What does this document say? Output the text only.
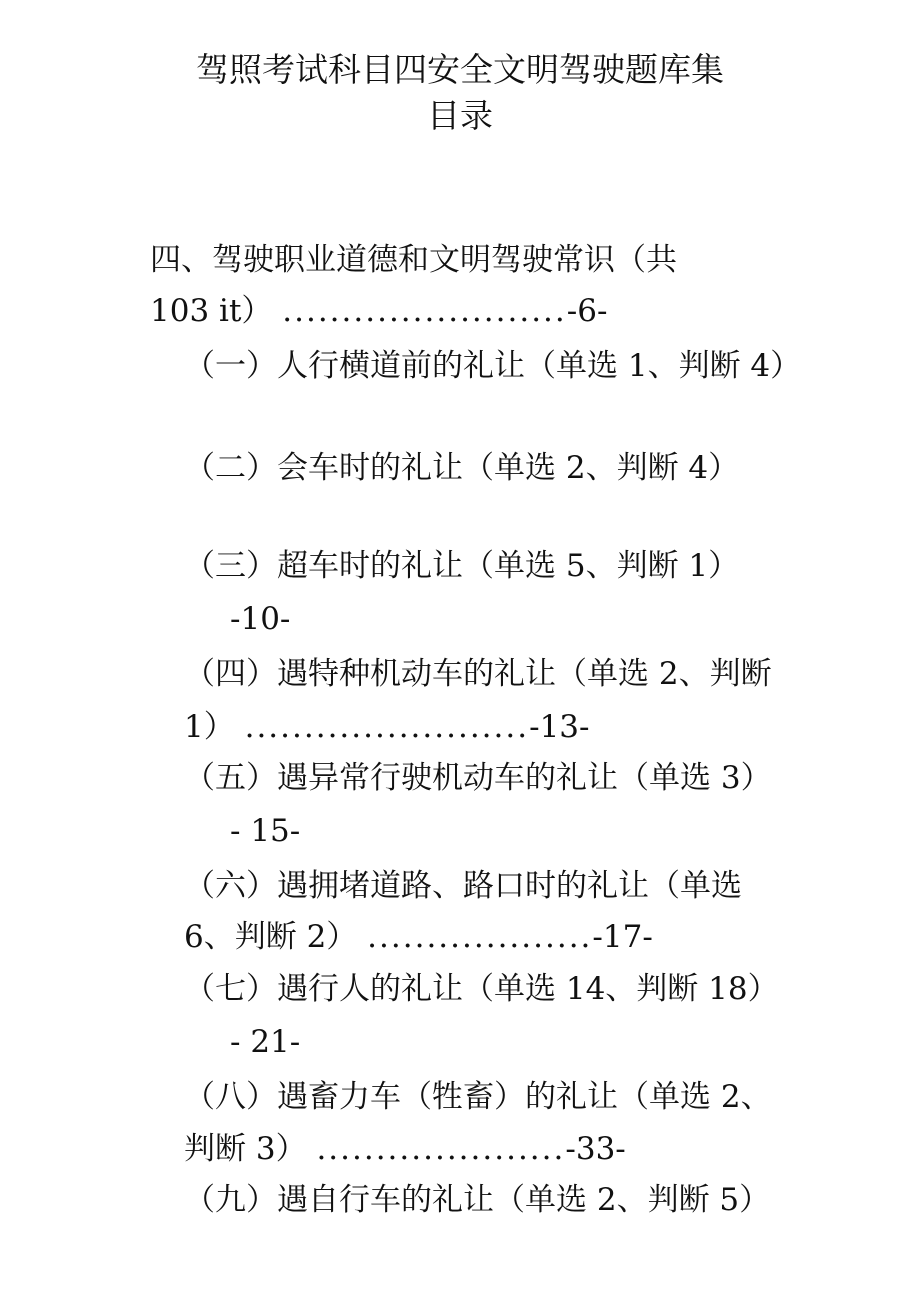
驾照考试科目四安全文明驾驶题库集
目录
四、驾驶职业道德和文明驾驶常识（共
103 it） ........................-6-
（一）人行横道前的礼让（单选 1、判断 4）
（二）会车时的礼让（单选 2、判断 4）
（三）超车时的礼让（单选 5、判断 1）
-10-
（四）遇特种机动车的礼让（单选 2、判断
1） ........................-13-
（五）遇异常行驶机动车的礼让（单选 3）
- 15-
（六）遇拥堵道路、路口时的礼让（单选
6、判断 2） ...................-17-
（七）遇行人的礼让（单选 14、判断 18）
- 21-
（八）遇畜力车（牲畜）的礼让（单选 2、
判断 3） .....................-33-
（九）遇自行车的礼让（单选 2、判断 5）
